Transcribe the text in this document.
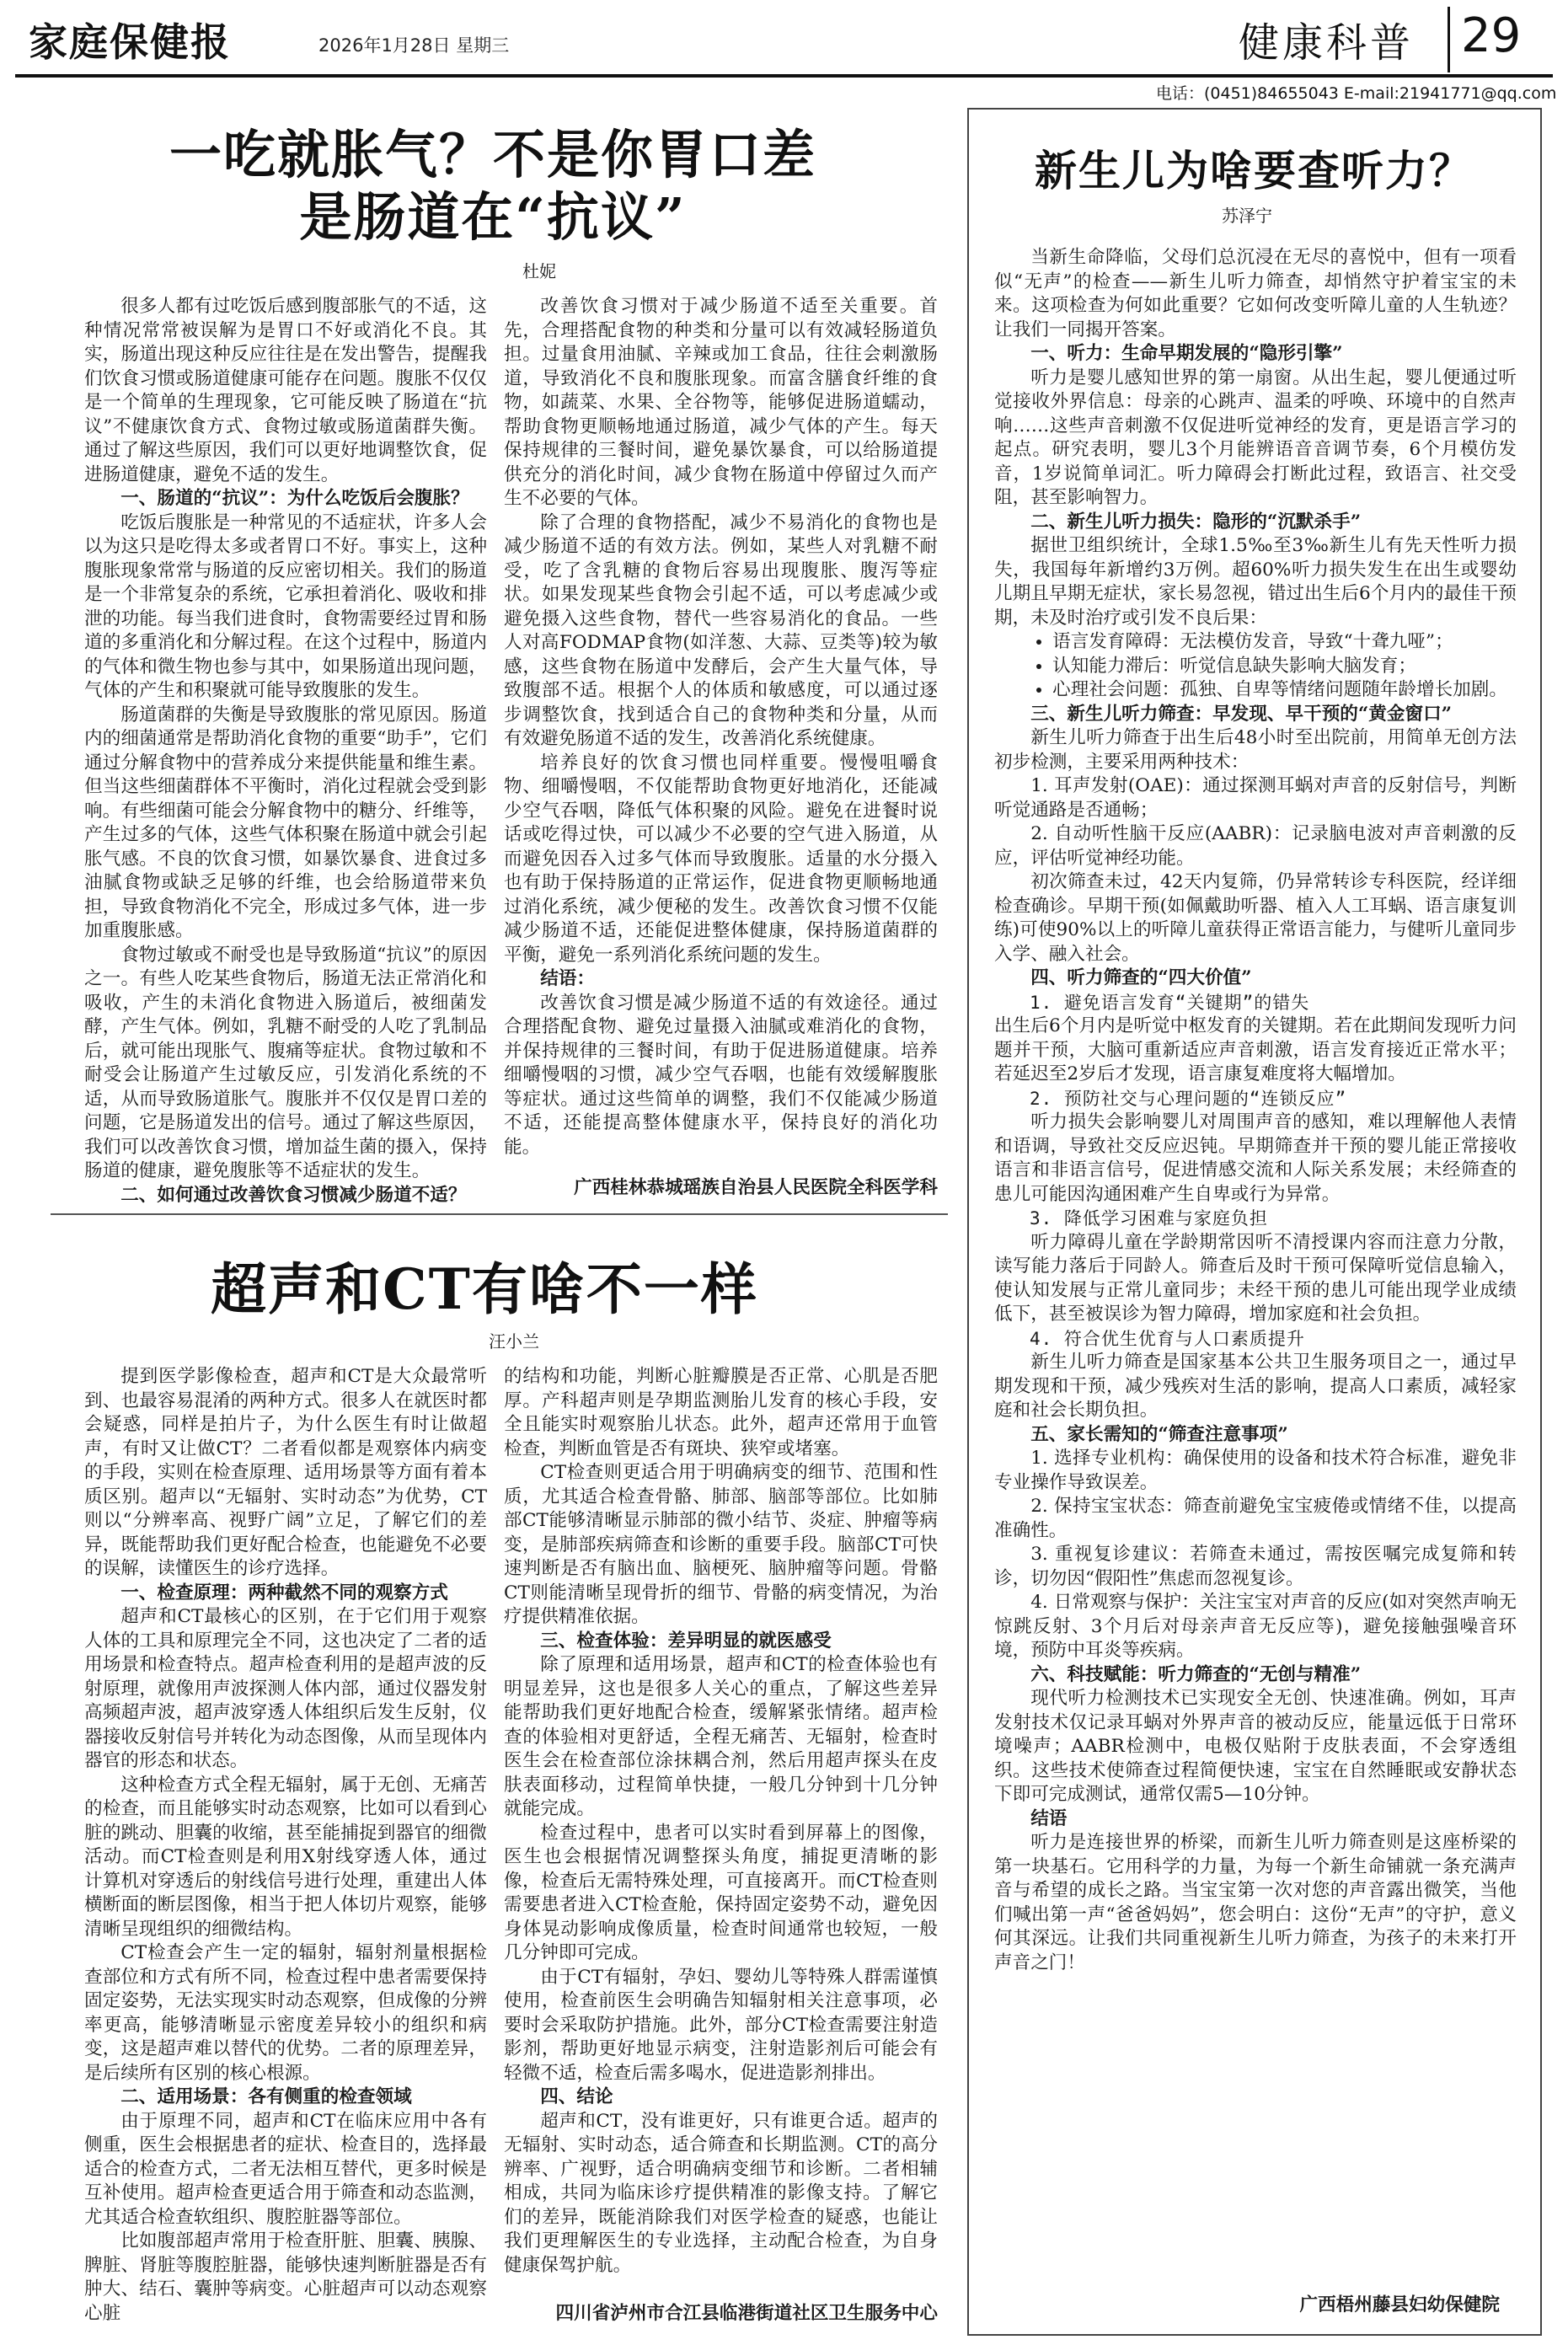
家庭保健报	2026年1月28日 星期三	健康科普 29
电话：(0451)84655043 E-mail:21941771@qq.com
一吃就胀气？不是你胃口差
是肠道在“抗议”
杜妮

很多人都有过吃饭后感到腹部胀气的不适，这种情况常常被误解为是胃口不好或消化不良。其实，肠道出现这种反应往往是在发出警告，提醒我们饮食习惯或肠道健康可能存在问题。腹胀不仅仅是一个简单的生理现象，它可能反映了肠道在“抗议”不健康饮食方式、食物过敏或肠道菌群失衡。通过了解这些原因，我们可以更好地调整饮食，促进肠道健康，避免不适的发生。

一、肠道的“抗议”：为什么吃饭后会腹胀？

吃饭后腹胀是一种常见的不适症状，许多人会以为这只是吃得太多或者胃口不好。事实上，这种腹胀现象常常与肠道的反应密切相关。我们的肠道是一个非常复杂的系统，它承担着消化、吸收和排泄的功能。每当我们进食时，食物需要经过胃和肠道的多重消化和分解过程。在这个过程中，肠道内的气体和微生物也参与其中，如果肠道出现问题，气体的产生和积聚就可能导致腹胀的发生。

肠道菌群的失衡是导致腹胀的常见原因。肠道内的细菌通常是帮助消化食物的重要“助手”，它们通过分解食物中的营养成分来提供能量和维生素。但当这些细菌群体不平衡时，消化过程就会受到影响。有些细菌可能会分解食物中的糖分、纤维等，产生过多的气体，这些气体积聚在肠道中就会引起胀气感。不良的饮食习惯，如暴饮暴食、进食过多油腻食物或缺乏足够的纤维，也会给肠道带来负担，导致食物消化不完全，形成过多气体，进一步加重腹胀感。

食物过敏或不耐受也是导致肠道“抗议”的原因之一。有些人吃某些食物后，肠道无法正常消化和吸收，产生的未消化食物进入肠道后，被细菌发酵，产生气体。例如，乳糖不耐受的人吃了乳制品后，就可能出现胀气、腹痛等症状。食物过敏和不耐受会让肠道产生过敏反应，引发消化系统的不适，从而导致肠道胀气。腹胀并不仅仅是胃口差的问题，它是肠道发出的信号。通过了解这些原因，我们可以改善饮食习惯，增加益生菌的摄入，保持肠道的健康，避免腹胀等不适症状的发生。

二、如何通过改善饮食习惯减少肠道不适？

改善饮食习惯对于减少肠道不适至关重要。首先，合理搭配食物的种类和分量可以有效减轻肠道负担。过量食用油腻、辛辣或加工食品，往往会刺激肠道，导致消化不良和腹胀现象。而富含膳食纤维的食物，如蔬菜、水果、全谷物等，能够促进肠道蠕动，帮助食物更顺畅地通过肠道，减少气体的产生。每天保持规律的三餐时间，避免暴饮暴食，可以给肠道提供充分的消化时间，减少食物在肠道中停留过久而产生不必要的气体。

除了合理的食物搭配，减少不易消化的食物也是减少肠道不适的有效方法。例如，某些人对乳糖不耐受，吃了含乳糖的食物后容易出现腹胀、腹泻等症状。如果发现某些食物会引起不适，可以考虑减少或避免摄入这些食物，替代一些容易消化的食品。一些人对高FODMAP食物(如洋葱、大蒜、豆类等)较为敏感，这些食物在肠道中发酵后，会产生大量气体，导致腹部不适。根据个人的体质和敏感度，可以通过逐步调整饮食，找到适合自己的食物种类和分量，从而有效避免肠道不适的发生，改善消化系统健康。

培养良好的饮食习惯也同样重要。慢慢咀嚼食物、细嚼慢咽，不仅能帮助食物更好地消化，还能减少空气吞咽，降低气体积聚的风险。避免在进餐时说话或吃得过快，可以减少不必要的空气进入肠道，从而避免因吞入过多气体而导致腹胀。适量的水分摄入也有助于保持肠道的正常运作，促进食物更顺畅地通过消化系统，减少便秘的发生。改善饮食习惯不仅能减少肠道不适，还能促进整体健康，保持肠道菌群的平衡，避免一系列消化系统问题的发生。

结语：

改善饮食习惯是减少肠道不适的有效途径。通过合理搭配食物、避免过量摄入油腻或难消化的食物，并保持规律的三餐时间，有助于促进肠道健康。培养细嚼慢咽的习惯，减少空气吞咽，也能有效缓解腹胀等症状。通过这些简单的调整，我们不仅能减少肠道不适，还能提高整体健康水平，保持良好的消化功能。

广西桂林恭城瑶族自治县人民医院全科医学科
超声和CT有啥不一样
汪小兰

提到医学影像检查，超声和CT是大众最常听到、也最容易混淆的两种方式。很多人在就医时都会疑惑，同样是拍片子，为什么医生有时让做超声，有时又让做CT？二者看似都是观察体内病变的手段，实则在检查原理、适用场景等方面有着本质区别。超声以“无辐射、实时动态”为优势，CT则以“分辨率高、视野广阔”立足，了解它们的差异，既能帮助我们更好配合检查，也能避免不必要的误解，读懂医生的诊疗选择。

一、检查原理：两种截然不同的观察方式

超声和CT最核心的区别，在于它们用于观察人体的工具和原理完全不同，这也决定了二者的适用场景和检查特点。超声检查利用的是超声波的反射原理，就像用声波探测人体内部，通过仪器发射高频超声波，超声波穿透人体组织后发生反射，仪器接收反射信号并转化为动态图像，从而呈现体内器官的形态和状态。

这种检查方式全程无辐射，属于无创、无痛苦的检查，而且能够实时动态观察，比如可以看到心脏的跳动、胆囊的收缩，甚至能捕捉到器官的细微活动。而CT检查则是利用X射线穿透人体，通过计算机对穿透后的射线信号进行处理，重建出人体横断面的断层图像，相当于把人体切片观察，能够清晰呈现组织的细微结构。

CT检查会产生一定的辐射，辐射剂量根据检查部位和方式有所不同，检查过程中患者需要保持固定姿势，无法实现实时动态观察，但成像的分辨率更高，能够清晰显示密度差异较小的组织和病变，这是超声难以替代的优势。二者的原理差异，是后续所有区别的核心根源。

二、适用场景：各有侧重的检查领域

由于原理不同，超声和CT在临床应用中各有侧重，医生会根据患者的症状、检查目的，选择最适合的检查方式，二者无法相互替代，更多时候是互补使用。超声检查更适合用于筛查和动态监测，尤其适合检查软组织、腹腔脏器等部位。

比如腹部超声常用于检查肝脏、胆囊、胰腺、脾脏、肾脏等腹腔脏器，能够快速判断脏器是否有肿大、结石、囊肿等病变。心脏超声可以动态观察心脏

的结构和功能，判断心脏瓣膜是否正常、心肌是否肥厚。产科超声则是孕期监测胎儿发育的核心手段，安全且能实时观察胎儿状态。此外，超声还常用于血管检查，判断血管是否有斑块、狭窄或堵塞。

CT检查则更适合用于明确病变的细节、范围和性质，尤其适合检查骨骼、肺部、脑部等部位。比如肺部CT能够清晰显示肺部的微小结节、炎症、肿瘤等病变，是肺部疾病筛查和诊断的重要手段。脑部CT可快速判断是否有脑出血、脑梗死、脑肿瘤等问题。骨骼CT则能清晰呈现骨折的细节、骨骼的病变情况，为治疗提供精准依据。

三、检查体验：差异明显的就医感受

除了原理和适用场景，超声和CT的检查体验也有明显差异，这也是很多人关心的重点，了解这些差异能帮助我们更好地配合检查，缓解紧张情绪。超声检查的体验相对更舒适，全程无痛苦、无辐射，检查时医生会在检查部位涂抹耦合剂，然后用超声探头在皮肤表面移动，过程简单快捷，一般几分钟到十几分钟就能完成。

检查过程中，患者可以实时看到屏幕上的图像，医生也会根据情况调整探头角度，捕捉更清晰的影像，检查后无需特殊处理，可直接离开。而CT检查则需要患者进入CT检查舱，保持固定姿势不动，避免因身体晃动影响成像质量，检查时间通常也较短，一般几分钟即可完成。

由于CT有辐射，孕妇、婴幼儿等特殊人群需谨慎使用，检查前医生会明确告知辐射相关注意事项，必要时会采取防护措施。此外，部分CT检查需要注射造影剂，帮助更好地显示病变，注射造影剂后可能会有轻微不适，检查后需多喝水，促进造影剂排出。

四、结论

超声和CT，没有谁更好，只有谁更合适。超声的无辐射、实时动态，适合筛查和长期监测。CT的高分辨率、广视野，适合明确病变细节和诊断。二者相辅相成，共同为临床诊疗提供精准的影像支持。了解它们的差异，既能消除我们对医学检查的疑惑，也能让我们更理解医生的专业选择，主动配合检查，为自身健康保驾护航。

四川省泸州市合江县临港街道社区卫生服务中心
新生儿为啥要查听力？
苏泽宁

当新生命降临，父母们总沉浸在无尽的喜悦中，但有一项看似“无声”的检查——新生儿听力筛查，却悄然守护着宝宝的未来。这项检查为何如此重要？它如何改变听障儿童的人生轨迹？让我们一同揭开答案。

一、听力：生命早期发展的“隐形引擎”

听力是婴儿感知世界的第一扇窗。从出生起，婴儿便通过听觉接收外界信息：母亲的心跳声、温柔的呼唤、环境中的自然声响……这些声音刺激不仅促进听觉神经的发育，更是语言学习的起点。研究表明，婴儿3个月能辨语音音调节奏，6个月模仿发音，1岁说简单词汇。听力障碍会打断此过程，致语言、社交受阻，甚至影响智力。

二、新生儿听力损失：隐形的“沉默杀手”

据世卫组织统计，全球1.5‰至3‰新生儿有先天性听力损失，我国每年新增约3万例。超60%听力损失发生在出生或婴幼儿期且早期无症状，家长易忽视，错过出生后6个月内的最佳干预期，未及时治疗或引发不良后果：

• 语言发育障碍：无法模仿发音，导致“十聋九哑”；
• 认知能力滞后：听觉信息缺失影响大脑发育；
• 心理社会问题：孤独、自卑等情绪问题随年龄增长加剧。
三、新生儿听力筛查：早发现、早干预的“黄金窗口”

新生儿听力筛查于出生后48小时至出院前，用简单无创方法初步检测，主要采用两种技术：

1. 耳声发射(OAE)：通过探测耳蜗对声音的反射信号，判断听觉通路是否通畅；

2. 自动听性脑干反应(AABR)：记录脑电波对声音刺激的反应，评估听觉神经功能。

初次筛查未过，42天内复筛，仍异常转诊专科医院，经详细检查确诊。早期干预(如佩戴助听器、植入人工耳蜗、语言康复训练)可使90%以上的听障儿童获得正常语言能力，与健听儿童同步入学、融入社会。

四、听力筛查的“四大价值”
1. 避免语言发育“关键期”的错失

出生后6个月内是听觉中枢发育的关键期。若在此期间发现听力问题并干预，大脑可重新适应声音刺激，语言发育接近正常水平；若延迟至2岁后才发现，语言康复难度将大幅增加。

2. 预防社交与心理问题的“连锁反应”

听力损失会影响婴儿对周围声音的感知，难以理解他人表情和语调，导致社交反应迟钝。早期筛查并干预的婴儿能正常接收语言和非语言信号，促进情感交流和人际关系发展；未经筛查的患儿可能因沟通困难产生自卑或行为异常。

3. 降低学习困难与家庭负担

听力障碍儿童在学龄期常因听不清授课内容而注意力分散，读写能力落后于同龄人。筛查后及时干预可保障听觉信息输入，使认知发展与正常儿童同步；未经干预的患儿可能出现学业成绩低下，甚至被误诊为智力障碍，增加家庭和社会负担。

4. 符合优生优育与人口素质提升

新生儿听力筛查是国家基本公共卫生服务项目之一，通过早期发现和干预，减少残疾对生活的影响，提高人口素质，减轻家庭和社会长期负担。

五、家长需知的“筛查注意事项”

1. 选择专业机构：确保使用的设备和技术符合标准，避免非专业操作导致误差。

2. 保持宝宝状态：筛查前避免宝宝疲倦或情绪不佳，以提高准确性。

3. 重视复诊建议：若筛查未通过，需按医嘱完成复筛和转诊，切勿因“假阳性”焦虑而忽视复诊。

4. 日常观察与保护：关注宝宝对声音的反应(如对突然声响无惊跳反射、3个月后对母亲声音无反应等)，避免接触强噪音环境，预防中耳炎等疾病。

六、科技赋能：听力筛查的“无创与精准”

现代听力检测技术已实现安全无创、快速准确。例如，耳声发射技术仅记录耳蜗对外界声音的被动反应，能量远低于日常环境噪声；AABR检测中，电极仅贴附于皮肤表面，不会穿透组织。这些技术使筛查过程简便快速，宝宝在自然睡眠或安静状态下即可完成测试，通常仅需5—10分钟。

结语

听力是连接世界的桥梁，而新生儿听力筛查则是这座桥梁的第一块基石。它用科学的力量，为每一个新生命铺就一条充满声音与希望的成长之路。当宝宝第一次对您的声音露出微笑，当他们喊出第一声“爸爸妈妈”，您会明白：这份“无声”的守护，意义何其深远。让我们共同重视新生儿听力筛查，为孩子的未来打开声音之门！

广西梧州藤县妇幼保健院
